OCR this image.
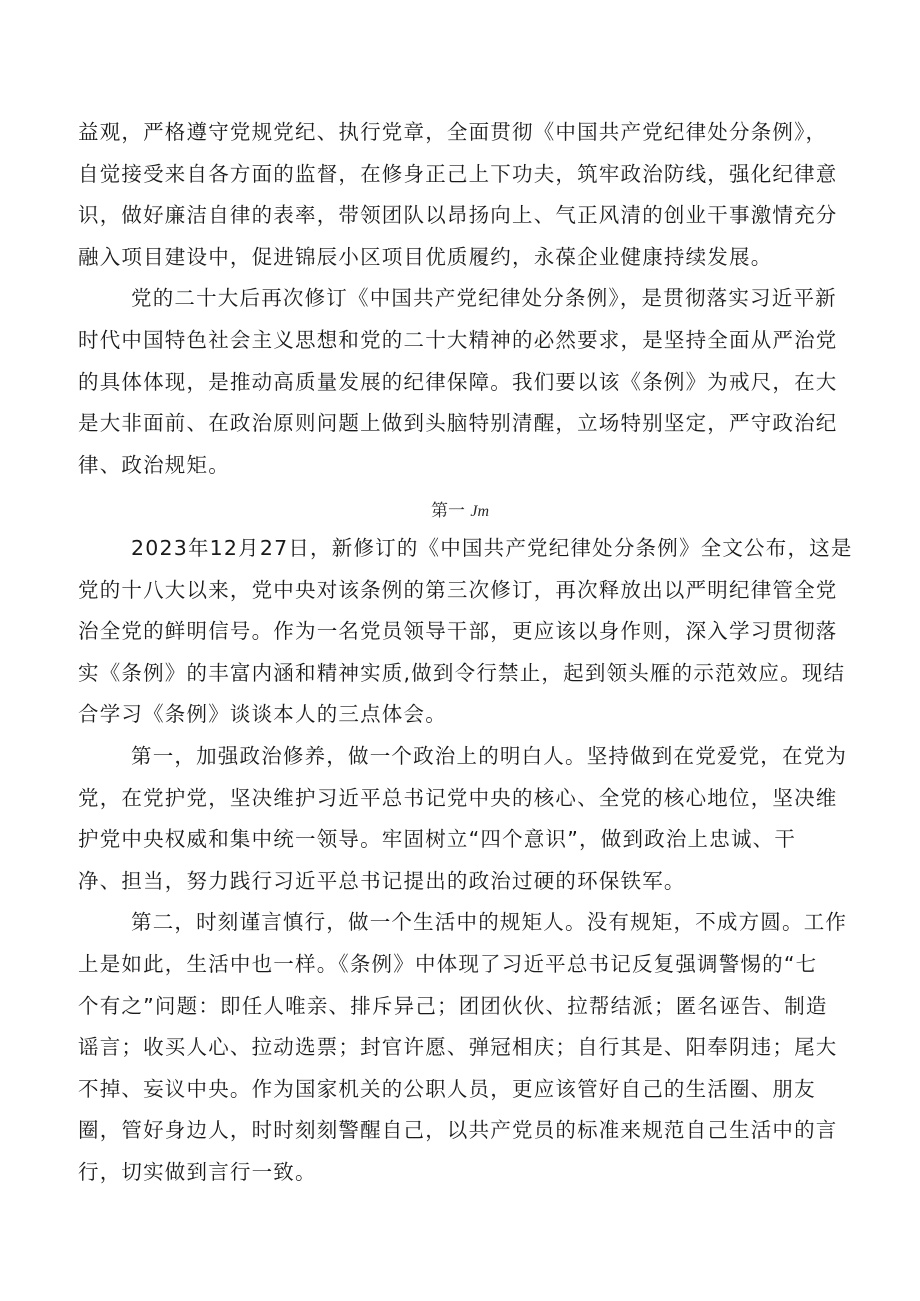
益观，严格遵守党规党纪、执行党章，全面贯彻《中国共产党纪律处分条例》，
自觉接受来自各方面的监督，在修身正己上下功夫，筑牢政治防线，强化纪律意
识，做好廉洁自律的表率，带领团队以昂扬向上、气正风清的创业干事激情充分
融入项目建设中，促进锦辰小区项目优质履约，永葆企业健康持续发展。
党的二十大后再次修订《中国共产党纪律处分条例》，是贯彻落实习近平新
时代中国特色社会主义思想和党的二十大精神的必然要求，是坚持全面从严治党
的具体体现，是推动高质量发展的纪律保障。我们要以该《条例》为戒尺，在大
是大非面前、在政治原则问题上做到头脑特别清醒，立场特别坚定，严守政治纪
律、政治规矩。
第一 Jm
2023年12月27日，新修订的《中国共产党纪律处分条例》全文公布，这是
党的十八大以来，党中央对该条例的第三次修订，再次释放出以严明纪律管全党
治全党的鲜明信号。作为一名党员领导干部，更应该以身作则，深入学习贯彻落
实《条例》的丰富内涵和精神实质,做到令行禁止，起到领头雁的示范效应。现结
合学习《条例》谈谈本人的三点体会。
第一，加强政治修养，做一个政治上的明白人。坚持做到在党爱党，在党为
党，在党护党，坚决维护习近平总书记党中央的核心、全党的核心地位，坚决维
护党中央权威和集中统一领导。牢固树立“四个意识”，做到政治上忠诚、干
净、担当，努力践行习近平总书记提出的政治过硬的环保铁军。
第二，时刻谨言慎行，做一个生活中的规矩人。没有规矩，不成方圆。工作
上是如此，生活中也一样。《条例》中体现了习近平总书记反复强调警惕的“七
个有之”问题：即任人唯亲、排斥异己；团团伙伙、拉帮结派；匿名诬告、制造
谣言；收买人心、拉动选票；封官许愿、弹冠相庆；自行其是、阳奉阴违；尾大
不掉、妄议中央。作为国家机关的公职人员，更应该管好自己的生活圈、朋友
圈，管好身边人，时时刻刻警醒自己，以共产党员的标准来规范自己生活中的言
行，切实做到言行一致。
